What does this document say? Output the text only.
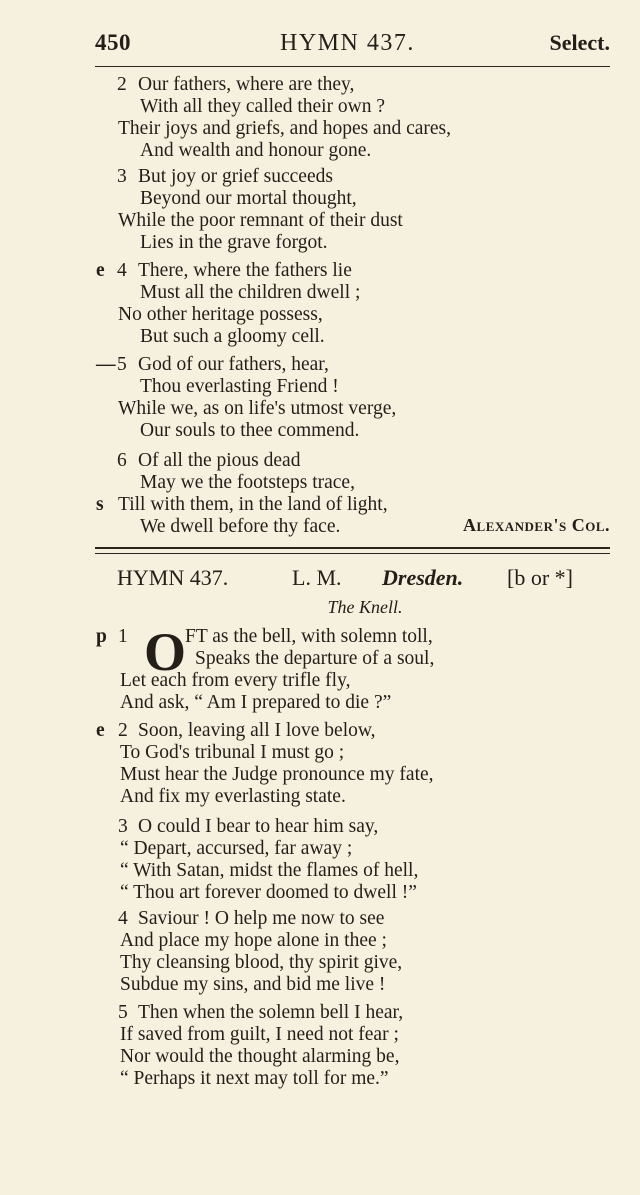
450	HYMN 437.	Select.
2 Our fathers, where are they,
With all they called their own ?
Their joys and griefs, and hopes and cares,
And wealth and honour gone.
3 But joy or grief succeeds
Beyond our mortal thought,
While the poor remnant of their dust
Lies in the grave forgot.
e 4 There, where the fathers lie
Must all the children dwell ;
No other heritage possess,
But such a gloomy cell.
— 5 God of our fathers, hear,
Thou everlasting Friend !
While we, as on life's utmost verge,
Our souls to thee commend.
6 Of all the pious dead
May we the footsteps trace,
s Till with them, in the land of light,
We dwell before thy face.	Alexander's Col.
HYMN 437.	L. M. Dresden. [b or *]
The Knell.
O
p 1	FT as the bell, with solemn toll,
Speaks the departure of a soul,
Let each from every trifle fly,
And ask, “ Am I prepared to die ?”
e 2 Soon, leaving all I love below,
To God's tribunal I must go ;
Must hear the Judge pronounce my fate,
And fix my everlasting state.
3 O could I bear to hear him say,
“ Depart, accursed, far away ;
“ With Satan, midst the flames of hell,
“ Thou art forever doomed to dwell !”
4 Saviour ! O help me now to see
And place my hope alone in thee ;
Thy cleansing blood, thy spirit give,
Subdue my sins, and bid me live !
5 Then when the solemn bell I hear,
If saved from guilt, I need not fear ;
Nor would the thought alarming be,
“ Perhaps it next may toll for me.”
